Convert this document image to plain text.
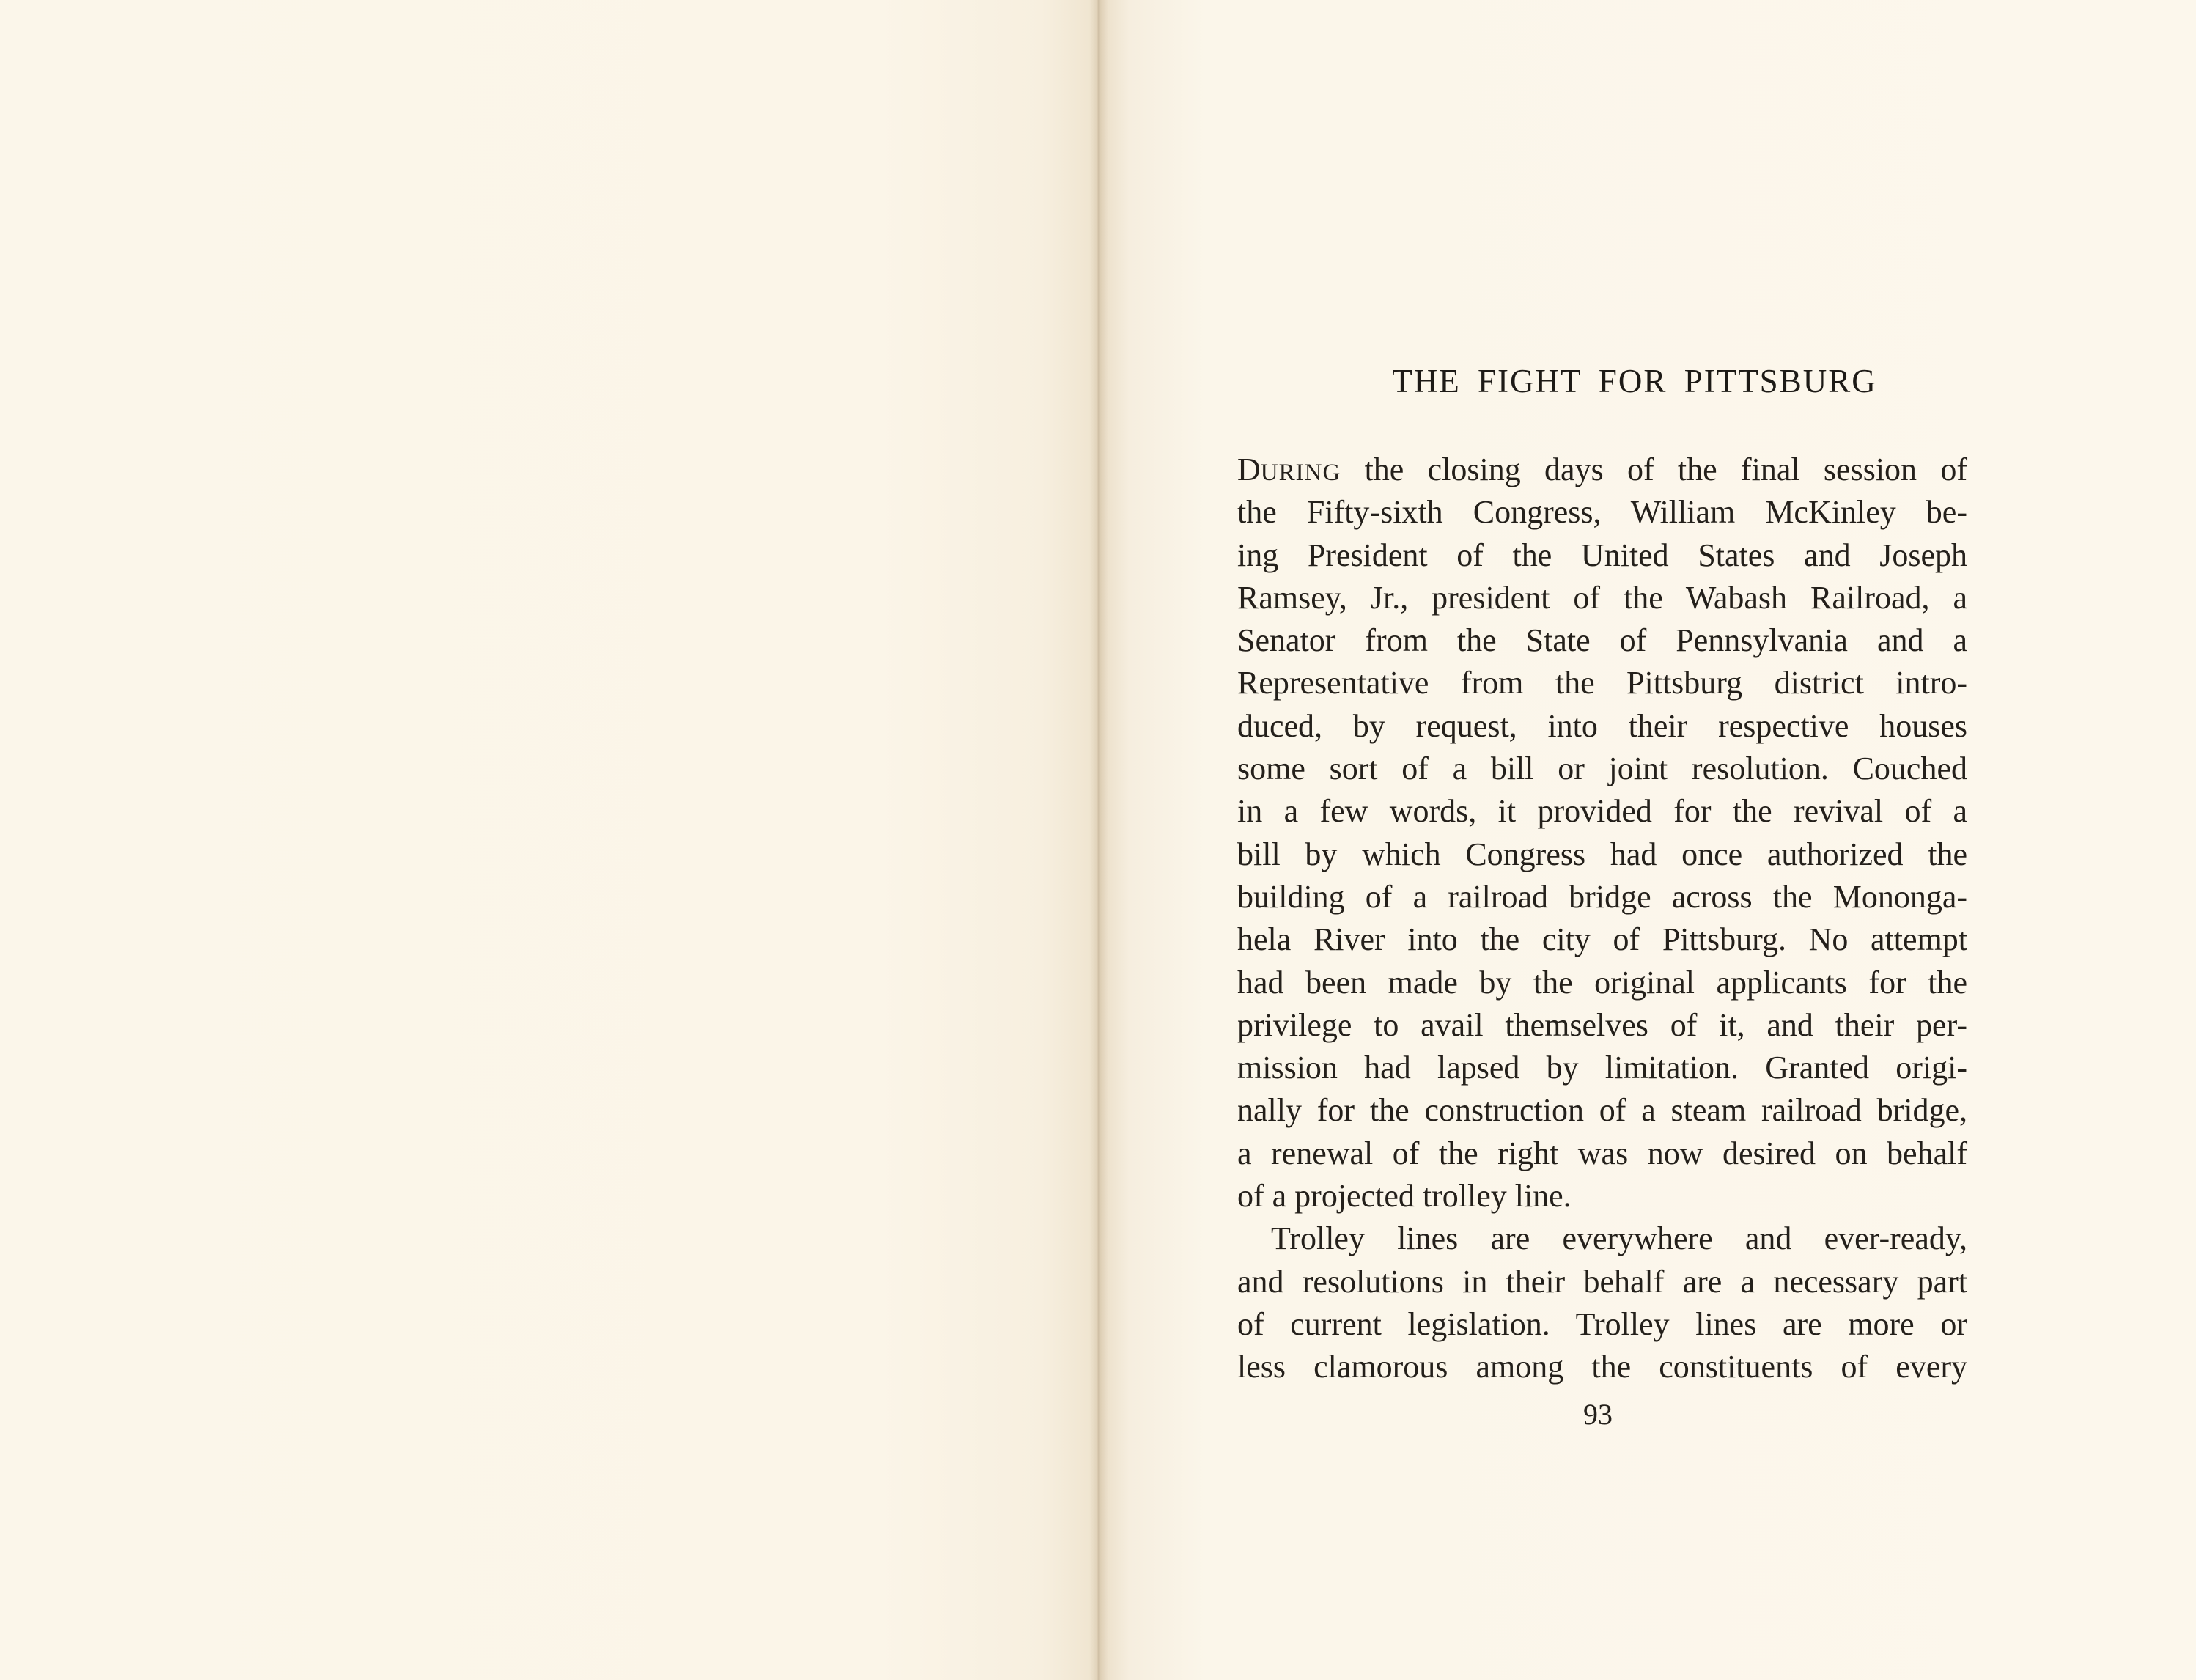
THE FIGHT FOR PITTSBURG
DURING the closing days of the final session of
the Fifty-sixth Congress, William McKinley be-
ing President of the United States and Joseph
Ramsey, Jr., president of the Wabash Railroad, a
Senator from the State of Pennsylvania and a
Representative from the Pittsburg district intro-
duced, by request, into their respective houses
some sort of a bill or joint resolution. Couched
in a few words, it provided for the revival of a
bill by which Congress had once authorized the
building of a railroad bridge across the Mononga-
hela River into the city of Pittsburg. No attempt
had been made by the original applicants for the
privilege to avail themselves of it, and their per-
mission had lapsed by limitation. Granted origi-
nally for the construction of a steam railroad bridge,
a renewal of the right was now desired on behalf
of a projected trolley line.
Trolley lines are everywhere and ever-ready,
and resolutions in their behalf are a necessary part
of current legislation. Trolley lines are more or
less clamorous among the constituents of every
93
